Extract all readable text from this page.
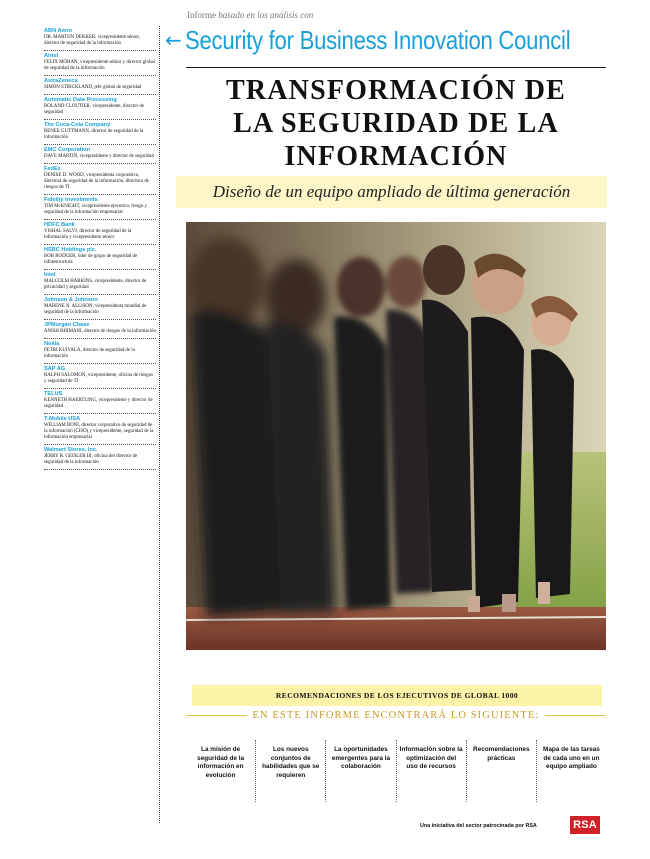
ABN Amro
DR. MARTIJN DEKKER, vicepresidente sénior, director de seguridad de la información
Airtel
FELIX MOHAN, vicepresidente sénior y director global de seguridad de la información
AstraZeneca
SIMON STRICKLAND, jefe global de seguridad
Automatic Data Processing
ROLAND CLOUTIER, vicepresidente, director de seguridad
The Coca-Cola Company
RENEE GUTTMANN, director de seguridad de la información
EMC Corporation
DAVE MARTIN, vicepresidente y director de seguridad
FedEx
DENISE D. WOOD, vicepresidenta corporativa, directora de seguridad de la información, directora de riesgos de TI
Fidelity Investments
TIM McKNIGHT, vicepresidente ejecutivo, riesgo y seguridad de la información empresarial
HDFC Bank
VISHAL SALVI, director de seguridad de la información y vicepresidente sénior
HSBC Holdings plc.
BOB RODGER, líder de grupo de seguridad de infraestructura
Intel
MALCOLM HARKINS, vicepresidente, director de privacidad y seguridad
Johnson & Johnson
MARENE N. ALLISON, vicepresidenta mundial de seguridad de la información
JPMorgan Chase
ANISH BHIMANI, director de riesgos de la información
Nokia
PETRI KUIVALA, director de seguridad de la información
SAP AG
RALPH SALOMON, vicepresidente, oficina de riesgos y seguridad de TI
TELUS
KENNETH HAERTLING, vicepresidente y director de seguridad
T-Mobile USA
WILLIAM BONI, director corporativo de seguridad de la información (CISO) y vicepresidente, seguridad de la información empresarial
Walmart Stores, Inc.
JERRY R. GEISLER III, oficina del director de seguridad de la información
Informe basado en los análisis con
← Security for Business Innovation Council
TRANSFORMACIÓN DE
LA SEGURIDAD DE LA
INFORMACIÓN
Diseño de un equipo ampliado de última generación
RECOMENDACIONES DE LOS EJECUTIVOS DE GLOBAL 1000
EN ESTE INFORME ENCONTRARÁ LO SIGUIENTE:
La misión de seguridad de la información en evolución
Los nuevos conjuntos de habilidades que se requieren
La oportunidades emergentes para la colaboración
Información sobre la optimización del uso de recursos
Recomendaciones prácticas
Mapa de las tareas de cada uno en un equipo ampliado
Una iniciativa del sector patrocinada por RSA	RSA
